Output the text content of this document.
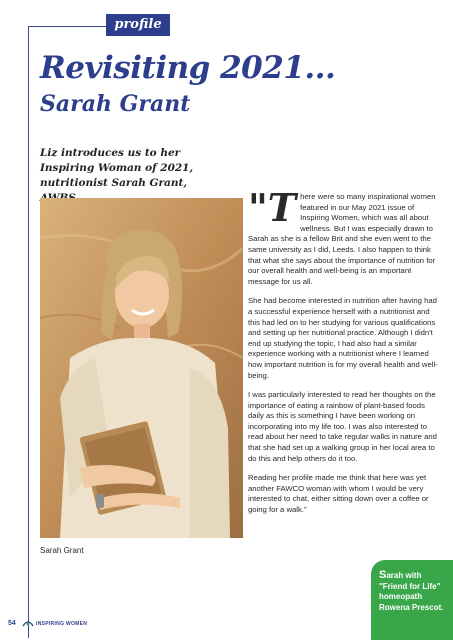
profile
Revisiting 2021...
Sarah Grant

Liz introduces us to her Inspiring Woman of 2021, nutritionist Sarah Grant,

Sarah Grant

"There were so many inspirational women featured in our May 2021 issue of Inspiring Women, which was all about wellness. But I was especially drawn to Sarah as she is a fellow Brit and she even went to the same university as I did, Leeds. I also happen to think that what she says about the importance of nutrition for our overall health and well-being is an important message for us all.

She had become interested in nutrition after having had a successful experience herself with a nutritionist and this had led on to her studying for various qualifications and setting up her nutritional practice. Although I didn't end up studying the topic, I had also had a similar experience working with a nutritionist where I learned how important nutrition is for my overall health and well-being.

I was particularly interested to read her thoughts on the importance of eating a rainbow of plant-based foods daily as this is something I have been working on incorporating into my life too. I was also interested to read about her need to take regular walks in nature and that she had set up a walking group in her local area to do this and help others do it too.

Reading her profile made me think that here was yet another FAWCO woman with whom I would be very interested to chat, either sitting down over a coffee or going for a walk."

Sarah with "Friend for Life" homeopath Rowena Prescot.
54	INSPIRING WOMEN
